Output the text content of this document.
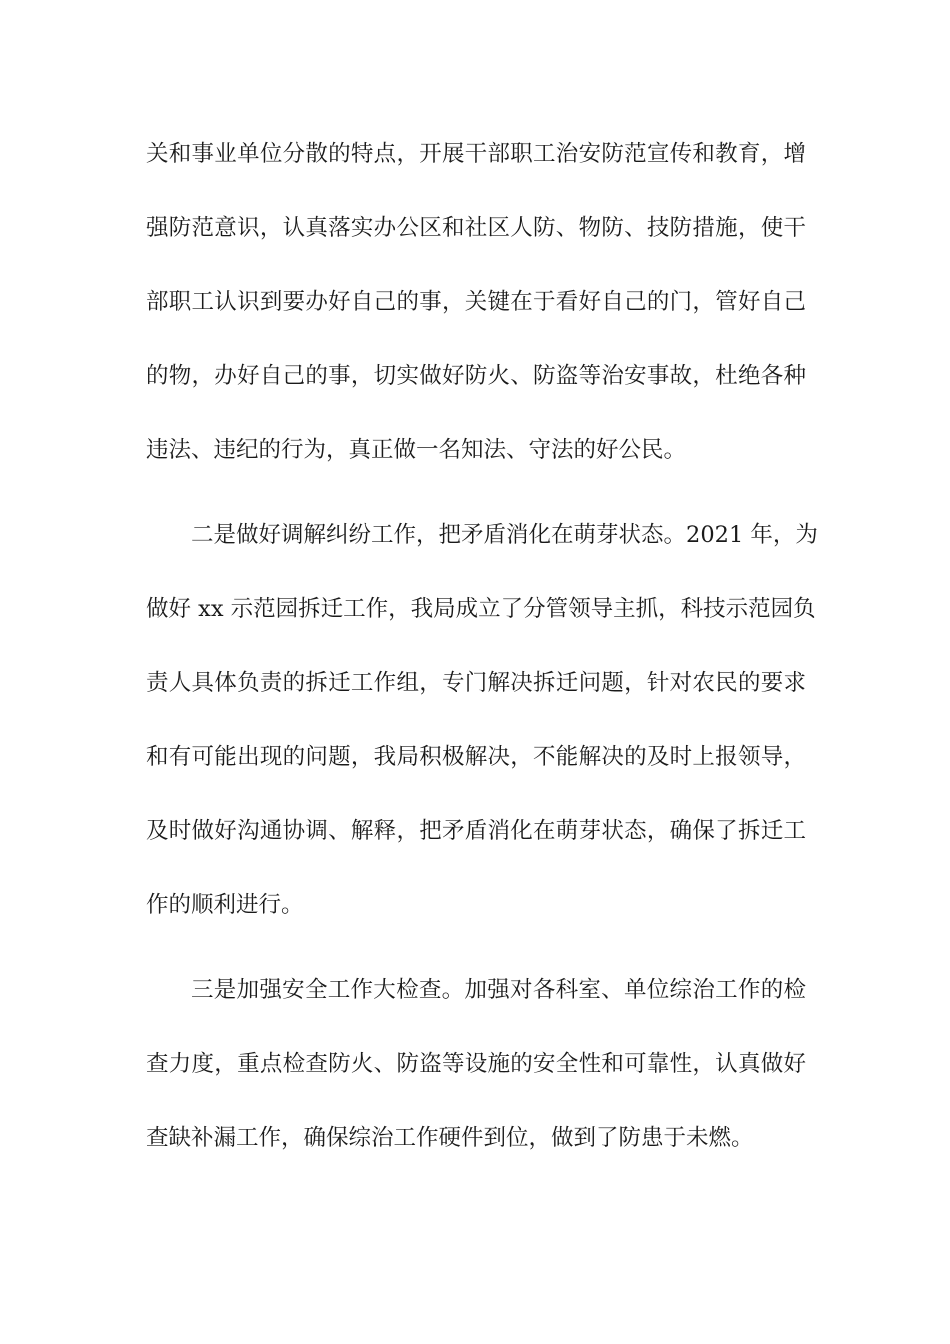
关和事业单位分散的特点，开展干部职工治安防范宣传和教育，增
强防范意识，认真落实办公区和社区人防、物防、技防措施，使干
部职工认识到要办好自己的事，关键在于看好自己的门，管好自己
的物，办好自己的事，切实做好防火、防盗等治安事故，杜绝各种
违法、违纪的行为，真正做一名知法、守法的好公民。
二是做好调解纠纷工作，把矛盾消化在萌芽状态。2021 年，为
做好 xx 示范园拆迁工作，我局成立了分管领导主抓，科技示范园负
责人具体负责的拆迁工作组，专门解决拆迁问题，针对农民的要求
和有可能出现的问题，我局积极解决，不能解决的及时上报领导，
及时做好沟通协调、解释，把矛盾消化在萌芽状态，确保了拆迁工
作的顺利进行。
三是加强安全工作大检查。加强对各科室、单位综治工作的检
查力度，重点检查防火、防盗等设施的安全性和可靠性，认真做好
查缺补漏工作，确保综治工作硬件到位，做到了防患于未燃。
